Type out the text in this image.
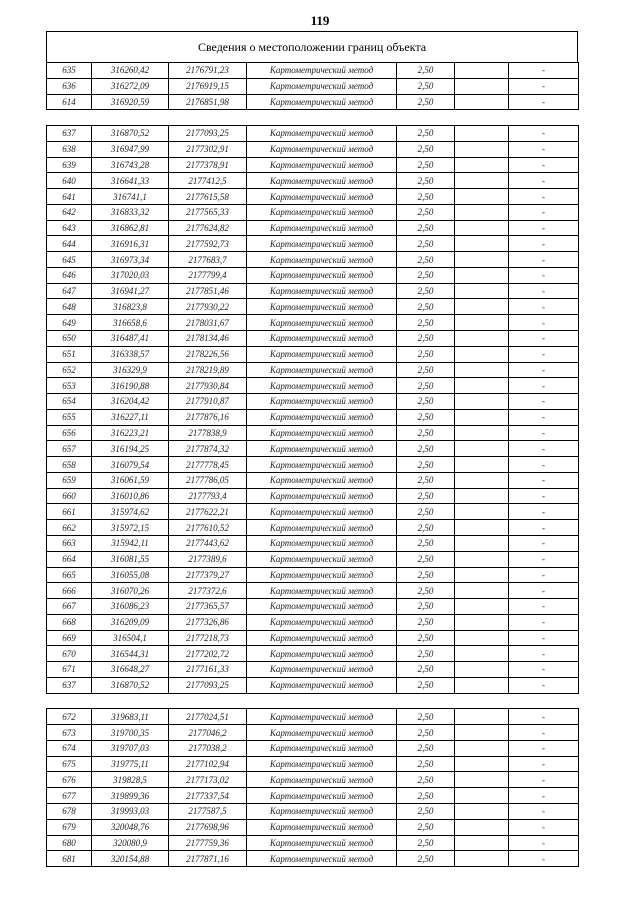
119
Сведения о местоположении границ объекта
635	316260,42	2176791,23	Картометрический метод	2,50		-
636	316272,09	2176919,15	Картометрический метод	2,50		-
614	316920,59	2176851,98	Картометрический метод	2,50		-

637	316870,52	2177093,25	Картометрический метод	2,50		-
638	316947,99	2177302,91	Картометрический метод	2,50		-
639	316743,28	2177378,91	Картометрический метод	2,50		-
640	316641,33	2177412,5	Картометрический метод	2,50		-
641	316741,1	2177615,58	Картометрический метод	2,50		-
642	316833,32	2177565,33	Картометрический метод	2,50		-
643	316862,81	2177624,82	Картометрический метод	2,50		-
644	316916,31	2177592,73	Картометрический метод	2,50		-
645	316973,34	2177683,7	Картометрический метод	2,50		-
646	317020,03	2177799,4	Картометрический метод	2,50		-
647	316941,27	2177851,46	Картометрический метод	2,50		-
648	316823,8	2177930,22	Картометрический метод	2,50		-
649	316658,6	2178031,67	Картометрический метод	2,50		-
650	316487,41	2178134,46	Картометрический метод	2,50		-
651	316338,57	2178226,56	Картометрический метод	2,50		-
652	316329,9	2178219,89	Картометрический метод	2,50		-
653	316190,88	2177930,84	Картометрический метод	2,50		-
654	316204,42	2177910,87	Картометрический метод	2,50		-
655	316227,11	2177876,16	Картометрический метод	2,50		-
656	316223,21	2177838,9	Картометрический метод	2,50		-
657	316194,25	2177874,32	Картометрический метод	2,50		-
658	316079,54	2177778,45	Картометрический метод	2,50		-
659	316061,59	2177786,05	Картометрический метод	2,50		-
660	316010,86	2177793,4	Картометрический метод	2,50		-
661	315974,62	2177622,21	Картометрический метод	2,50		-
662	315972,15	2177610,52	Картометрический метод	2,50		-
663	315942,11	2177443,62	Картометрический метод	2,50		-
664	316081,55	2177389,6	Картометрический метод	2,50		-
665	316055,08	2177379,27	Картометрический метод	2,50		-
666	316070,26	2177372,6	Картометрический метод	2,50		-
667	316086,23	2177365,57	Картометрический метод	2,50		-
668	316209,09	2177326,86	Картометрический метод	2,50		-
669	316504,1	2177218,73	Картометрический метод	2,50		-
670	316544,31	2177202,72	Картометрический метод	2,50		-
671	316648,27	2177161,33	Картометрический метод	2,50		-
637	316870,52	2177093,25	Картометрический метод	2,50		-

672	319683,11	2177024,51	Картометрический метод	2,50		-
673	319700,35	2177046,2	Картометрический метод	2,50		-
674	319707,03	2177038,2	Картометрический метод	2,50		-
675	319775,11	2177102,94	Картометрический метод	2,50		-
676	319828,5	2177173,02	Картометрический метод	2,50		-
677	319899,36	2177337,54	Картометрический метод	2,50		-
678	319993,03	2177587,5	Картометрический метод	2,50		-
679	320048,76	2177698,96	Картометрический метод	2,50		-
680	320080,9	2177759,36	Картометрический метод	2,50		-
681	320154,88	2177871,16	Картометрический метод	2,50		-
